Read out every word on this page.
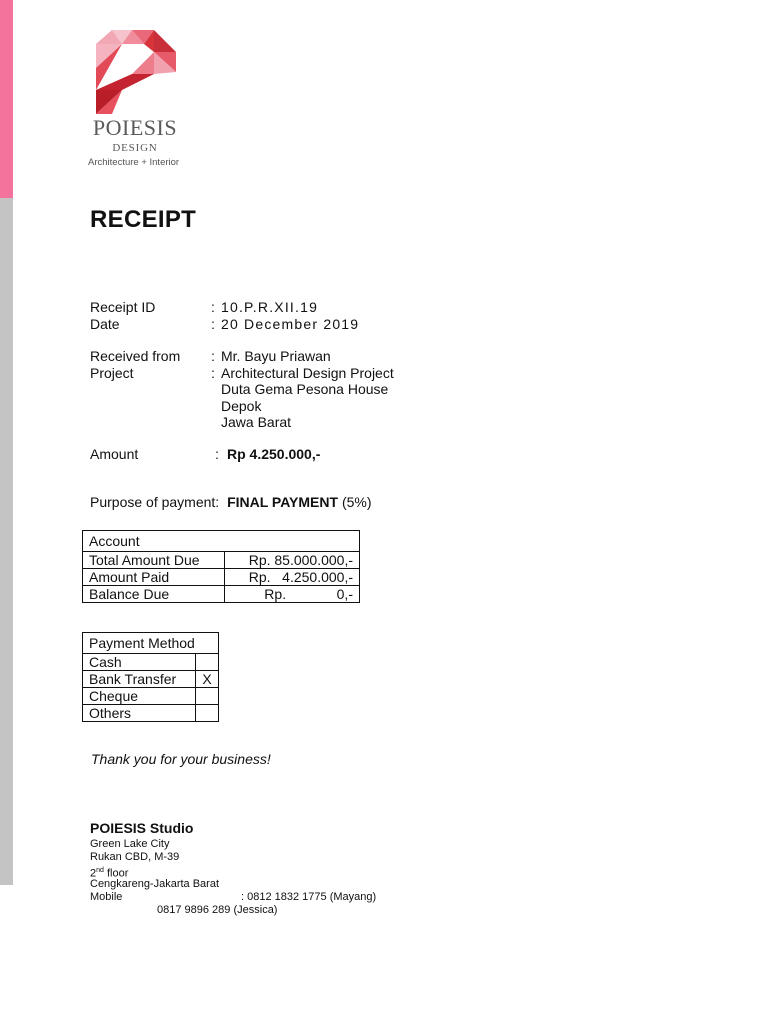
POIESIS
DESIGN
Architecture + Interior
RECEIPT
Receipt ID	: 10.P.R.XII.19
Date	: 20 December 2019
Received from : Mr. Bayu Priawan
Project	: Architectural Design Project
Duta Gema Pesona House
Depok
Jawa Barat
Amount	: Rp 4.250.000,-
Purpose of payment: FINAL PAYMENT (5%)
Account	
Total Amount Due	Rp. 85.000.000,-
Amount Paid	Rp.   4.250.000,-
Balance Due	Rp.             0,-
Payment Method	
Cash	
Bank Transfer	X
Cheque	
Others	
Thank you for your business!
POIESIS Studio
Green Lake City
Rukan CBD, M-39
2nd floor
Cengkareng-Jakarta Barat
Mobile	: 0812 1832 1775 (Mayang)
0817 9896 289 (Jessica)
